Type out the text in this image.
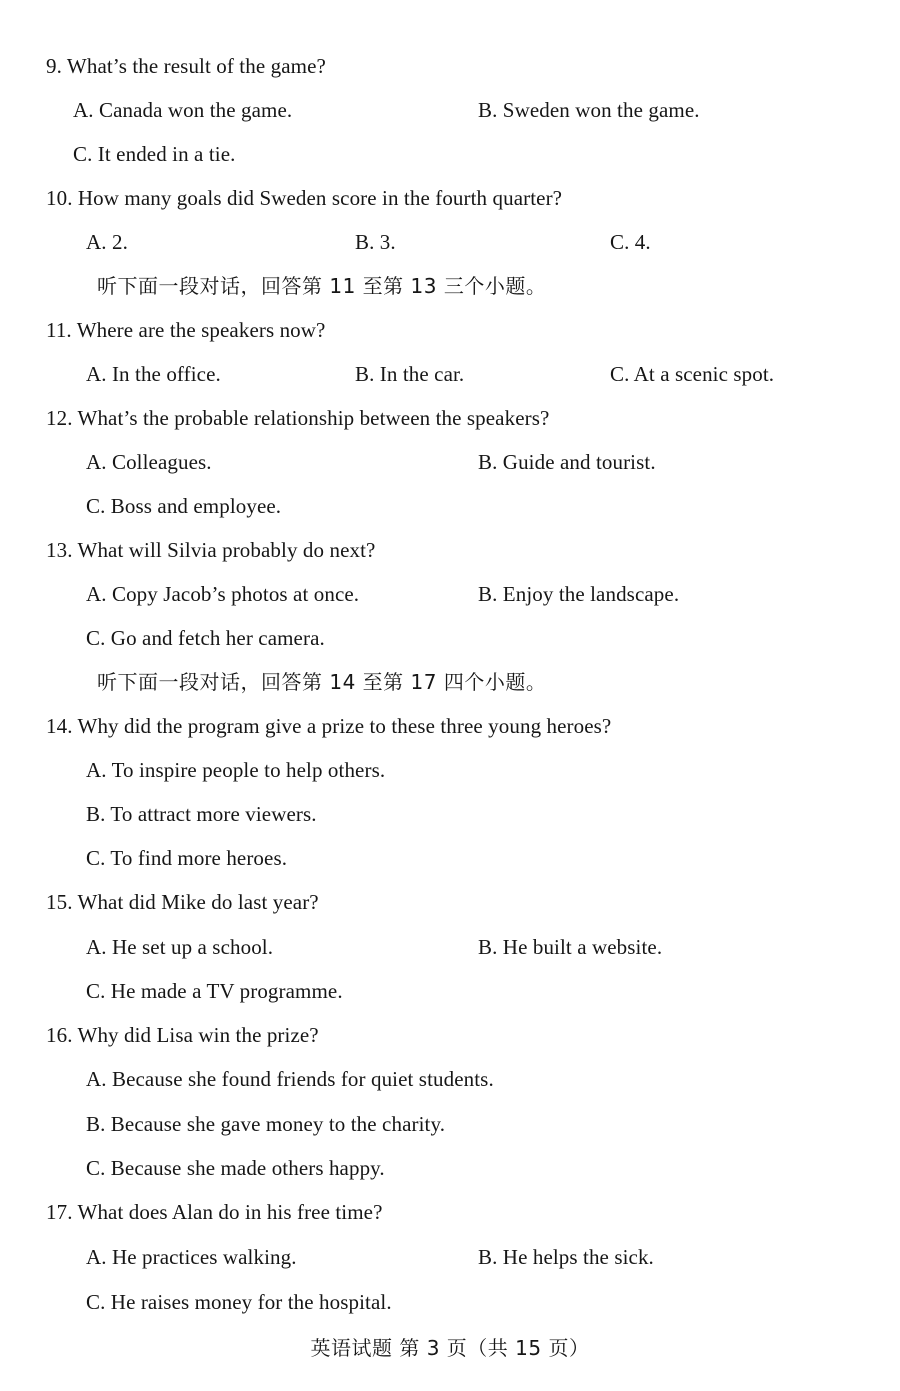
9. What’s the result of the game?
A. Canada won the game.	B. Sweden won the game.
C. It ended in a tie.
10. How many goals did Sweden score in the fourth quarter?
A. 2.	B. 3.	C. 4.
听下面一段对话，回答第 11 至第 13 三个小题。
11. Where are the speakers now?
A. In the office.	B. In the car.	C. At a scenic spot.
12. What’s the probable relationship between the speakers?
A. Colleagues.	B. Guide and tourist.
C. Boss and employee.
13. What will Silvia probably do next?
A. Copy Jacob’s photos at once.	B. Enjoy the landscape.
C. Go and fetch her camera.
听下面一段对话，回答第 14 至第 17 四个小题。
14. Why did the program give a prize to these three young heroes?
A. To inspire people to help others.
B. To attract more viewers.
C. To find more heroes.
15. What did Mike do last year?
A. He set up a school.	B. He built a website.
C. He made a TV programme.
16. Why did Lisa win the prize?
A. Because she found friends for quiet students.
B. Because she gave money to the charity.
C. Because she made others happy.
17. What does Alan do in his free time?
A. He practices walking.	B. He helps the sick.
C. He raises money for the hospital.
英语试题 第 3 页（共 15 页）
